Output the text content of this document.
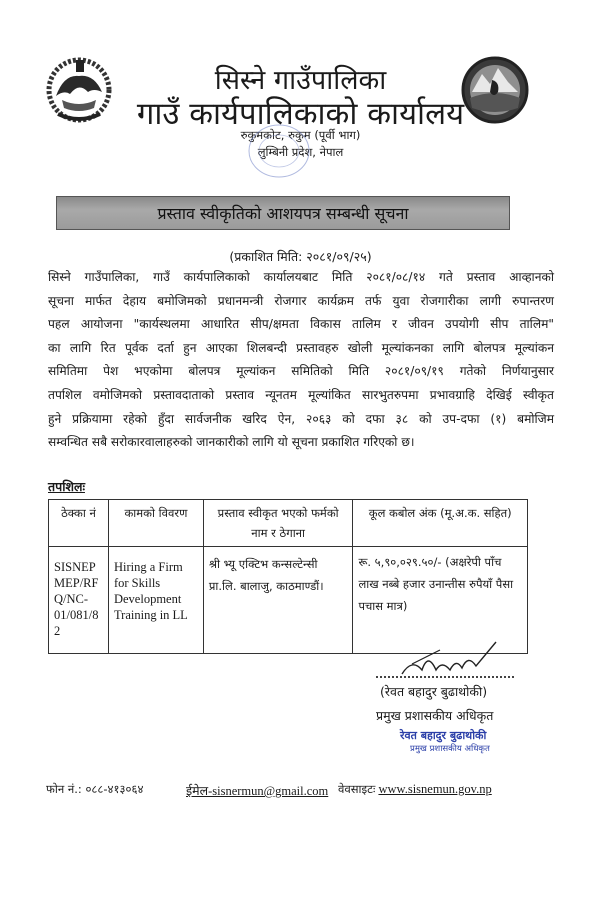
सिस्ने गाउँपालिका
गाउँ कार्यपालिकाको कार्यालय
रुकुमकोट, रुकुम (पूर्वी भाग)
लुम्बिनी प्रदेश, नेपाल
प्रस्ताव स्वीकृतिको आशयपत्र सम्बन्धी सूचना
(प्रकाशित मिति: २०८१/०९/२५)
सिस्ने गाउँपालिका, गाउँ कार्यपालिकाको कार्यालयबाट मिति २०८१/०८/१४ गते प्रस्ताव आव्हानको
सूचना मार्फत देहाय बमोजिमको प्रधानमन्त्री रोजगार कार्यक्रम तर्फ युवा रोजगारीका लागी रुपान्तरण
पहल आयोजना "कार्यस्थलमा आधारित सीप/क्षमता विकास तालिम र जीवन उपयोगी सीप तालिम"
का लागि रित पूर्वक दर्ता हुन आएका शिलबन्दी प्रस्तावहरु खोली मूल्यांकनका लागि बोलपत्र मूल्यांकन
समितिमा पेश भएकोमा बोलपत्र मूल्यांकन समितिको मिति २०८१/०९/१९ गतेको निर्णयानुसार
तपशिल वमोजिमको प्रस्तावदाताको प्रस्ताव न्यूनतम मूल्यांकित सारभुतरुपमा प्रभावग्राहि देखिई स्वीकृत
हुने प्रक्रियामा रहेको हुँदा सार्वजनीक खरिद ऐन, २०६३ को दफा ३८ को उप-दफा (१) बमोजिम
सम्वन्धित सबै सरोकारवालाहरुको जानकारीको लागि यो सूचना प्रकाशित गरिएको छ।
तपशिलः
ठेक्का नं	कामको विवरण	प्रस्ताव स्वीकृत भएको फर्मको नाम र ठेगाना	कूल कबोल अंक (मू.अ.क. सहित)
SISNEP MEP/RF Q/NC- 01/081/8 2	Hiring a Firm for Skills Development Training in LL	श्री भ्यू एक्टिभ कन्सल्टेन्सी प्रा.लि. बालाजु, काठमाण्डौं।	रू. ५,९०,०२९.५०/- (अक्षरेपी पाँच लाख नब्बे हजार उनान्तीस रुपैयाँ पैसा पचास मात्र)
(रेवत बहादुर बुढाथोकी)
प्रमुख प्रशासकीय अधिकृत
रेवत बहादुर बुढाथोकी
प्रमुख प्रशासकीय अधिकृत
फोन नं.: ०८८-४१३०६४	ईमेल-sisnermun@gmail.com वेवसाइटः www.sisnemun.gov.np
